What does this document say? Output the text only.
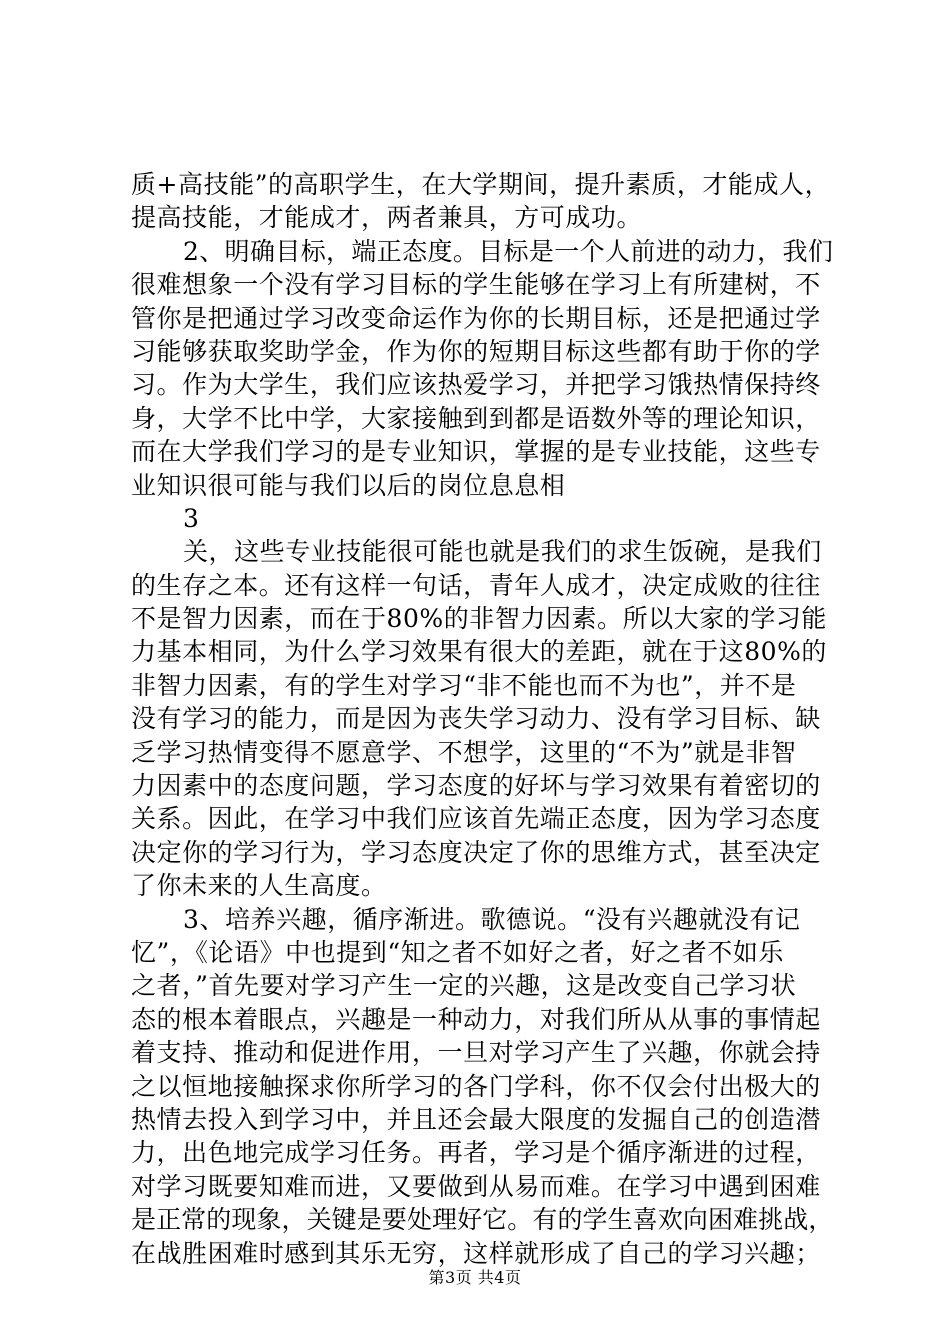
质+高技能”的高职学生，在大学期间，提升素质，才能成人，
提高技能，才能成才，两者兼具，方可成功。
2、明确目标，端正态度。目标是一个人前进的动力，我们
很难想象一个没有学习目标的学生能够在学习上有所建树，不
管你是把通过学习改变命运作为你的长期目标，还是把通过学
习能够获取奖助学金，作为你的短期目标这些都有助于你的学
习。作为大学生，我们应该热爱学习，并把学习饿热情保持终
身，大学不比中学，大家接触到到都是语数外等的理论知识，
而在大学我们学习的是专业知识，掌握的是专业技能，这些专
业知识很可能与我们以后的岗位息息相
3
关，这些专业技能很可能也就是我们的求生饭碗，是我们
的生存之本。还有这样一句话，青年人成才，决定成败的往往
不是智力因素，而在于80%的非智力因素。所以大家的学习能
力基本相同，为什么学习效果有很大的差距，就在于这80%的
非智力因素，有的学生对学习“非不能也而不为也”，并不是
没有学习的能力，而是因为丧失学习动力、没有学习目标、缺
乏学习热情变得不愿意学、不想学，这里的“不为”就是非智
力因素中的态度问题，学习态度的好坏与学习效果有着密切的
关系。因此，在学习中我们应该首先端正态度，因为学习态度
决定你的学习行为，学习态度决定了你的思维方式，甚至决定
了你未来的人生高度。
3、培养兴趣，循序渐进。歌德说。“没有兴趣就没有记
忆”，《论语》中也提到“知之者不如好之者，好之者不如乐
之者，”首先要对学习产生一定的兴趣，这是改变自己学习状
态的根本着眼点，兴趣是一种动力，对我们所从从事的事情起
着支持、推动和促进作用，一旦对学习产生了兴趣，你就会持
之以恒地接触探求你所学习的各门学科，你不仅会付出极大的
热情去投入到学习中，并且还会最大限度的发掘自己的创造潜
力，出色地完成学习任务。再者，学习是个循序渐进的过程，
对学习既要知难而进，又要做到从易而难。在学习中遇到困难
是正常的现象，关键是要处理好它。有的学生喜欢向困难挑战，
在战胜困难时感到其乐无穷，这样就形成了自己的学习兴趣；
第3页 共4页
